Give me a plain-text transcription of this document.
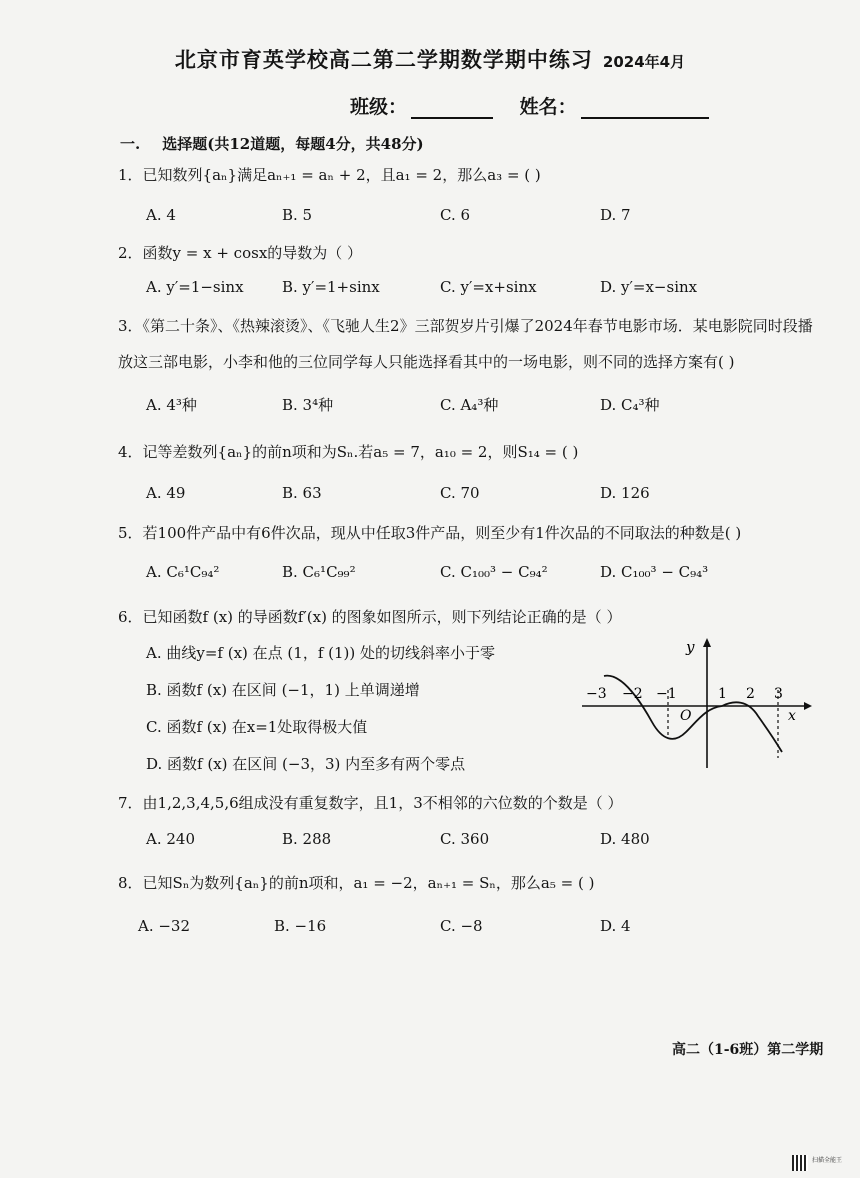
北京市育英学校高二第二学期数学期中练习 2024年4月
班级：	姓名：
一. 选择题(共12道题，每题4分，共48分)
1．已知数列{aₙ}满足aₙ₊₁ = aₙ + 2，且a₁ = 2，那么a₃ = ( )
A. 4	B. 5	C. 6	D. 7
2．函数y = x + cosx的导数为（ ）
A. y′=1−sinx	B. y′=1+sinx	C. y′=x+sinx	D. y′=x−sinx
3．《第二十条》、《热辣滚烫》、《飞驰人生2》三部贺岁片引爆了2024年春节电影市场．某电影院同时段播放这三部电影，小李和他的三位同学每人只能选择看其中的一场电影，则不同的选择方案有( )
A. 4³种	B. 3⁴种	C. A₄³种	D. C₄³种
4．记等差数列{aₙ}的前n项和为Sₙ.若a₅ = 7，a₁₀ = 2，则S₁₄ = ( )
A. 49	B. 63	C. 70	D. 126
5．若100件产品中有6件次品，现从中任取3件产品，则至少有1件次品的不同取法的种数是( )
A. C₆¹C₉₄²	B. C₆¹C₉₉²	C. C₁₀₀³ − C₉₄²	D. C₁₀₀³ − C₉₄³
6．已知函数f (x) 的导函数f′(x) 的图象如图所示，则下列结论正确的是（ ）
A. 曲线y=f (x) 在点 (1，f (1)) 处的切线斜率小于零
B. 函数f (x) 在区间 (−1，1) 上单调递增
C. 函数f (x) 在x=1处取得极大值
D. 函数f (x) 在区间 (−3，3) 内至多有两个零点
y
x
O
−3 −2 −1	1 2 3
7．由1,2,3,4,5,6组成没有重复数字，且1，3不相邻的六位数的个数是（ ）
A. 240	B. 288	C. 360	D. 480
8．已知Sₙ为数列{aₙ}的前n项和，a₁ = −2，aₙ₊₁ = Sₙ，那么a₅ = ( )
A. −32	B. −16	C. −8	D. 4
高二（1-6班）第二学期
扫描全能王
